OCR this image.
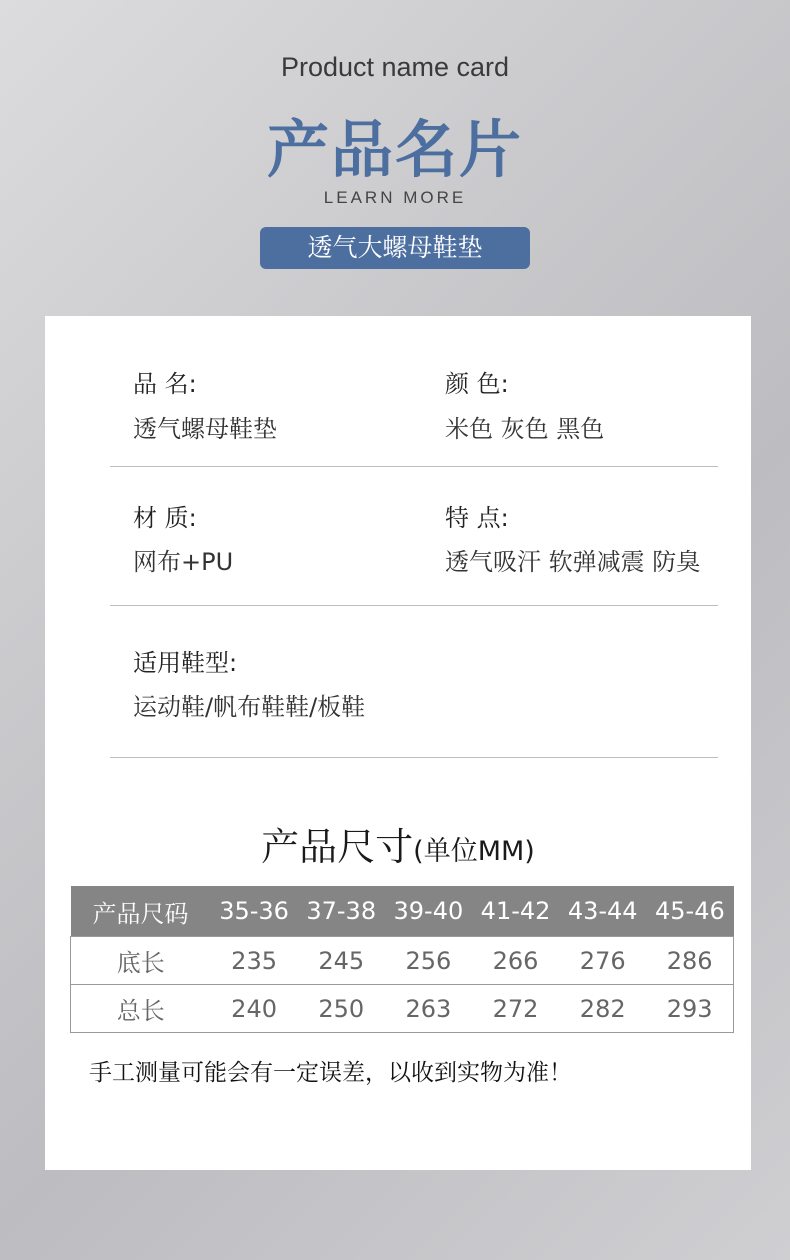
Product name card
产品名片
LEARN MORE
透气大螺母鞋垫
品 名:
透气螺母鞋垫
颜 色:
米色 灰色 黑色
材 质:
网布+PU
特 点:
透气吸汗 软弹减震 防臭
适用鞋型:
运动鞋/帆布鞋鞋/板鞋
产品尺寸(单位MM)
产品尺码	35-36	37-38	39-40	41-42	43-44	45-46
底长	235	245	256	266	276	286
总长	240	250	263	272	282	293
手工测量可能会有一定误差，以收到实物为准！
